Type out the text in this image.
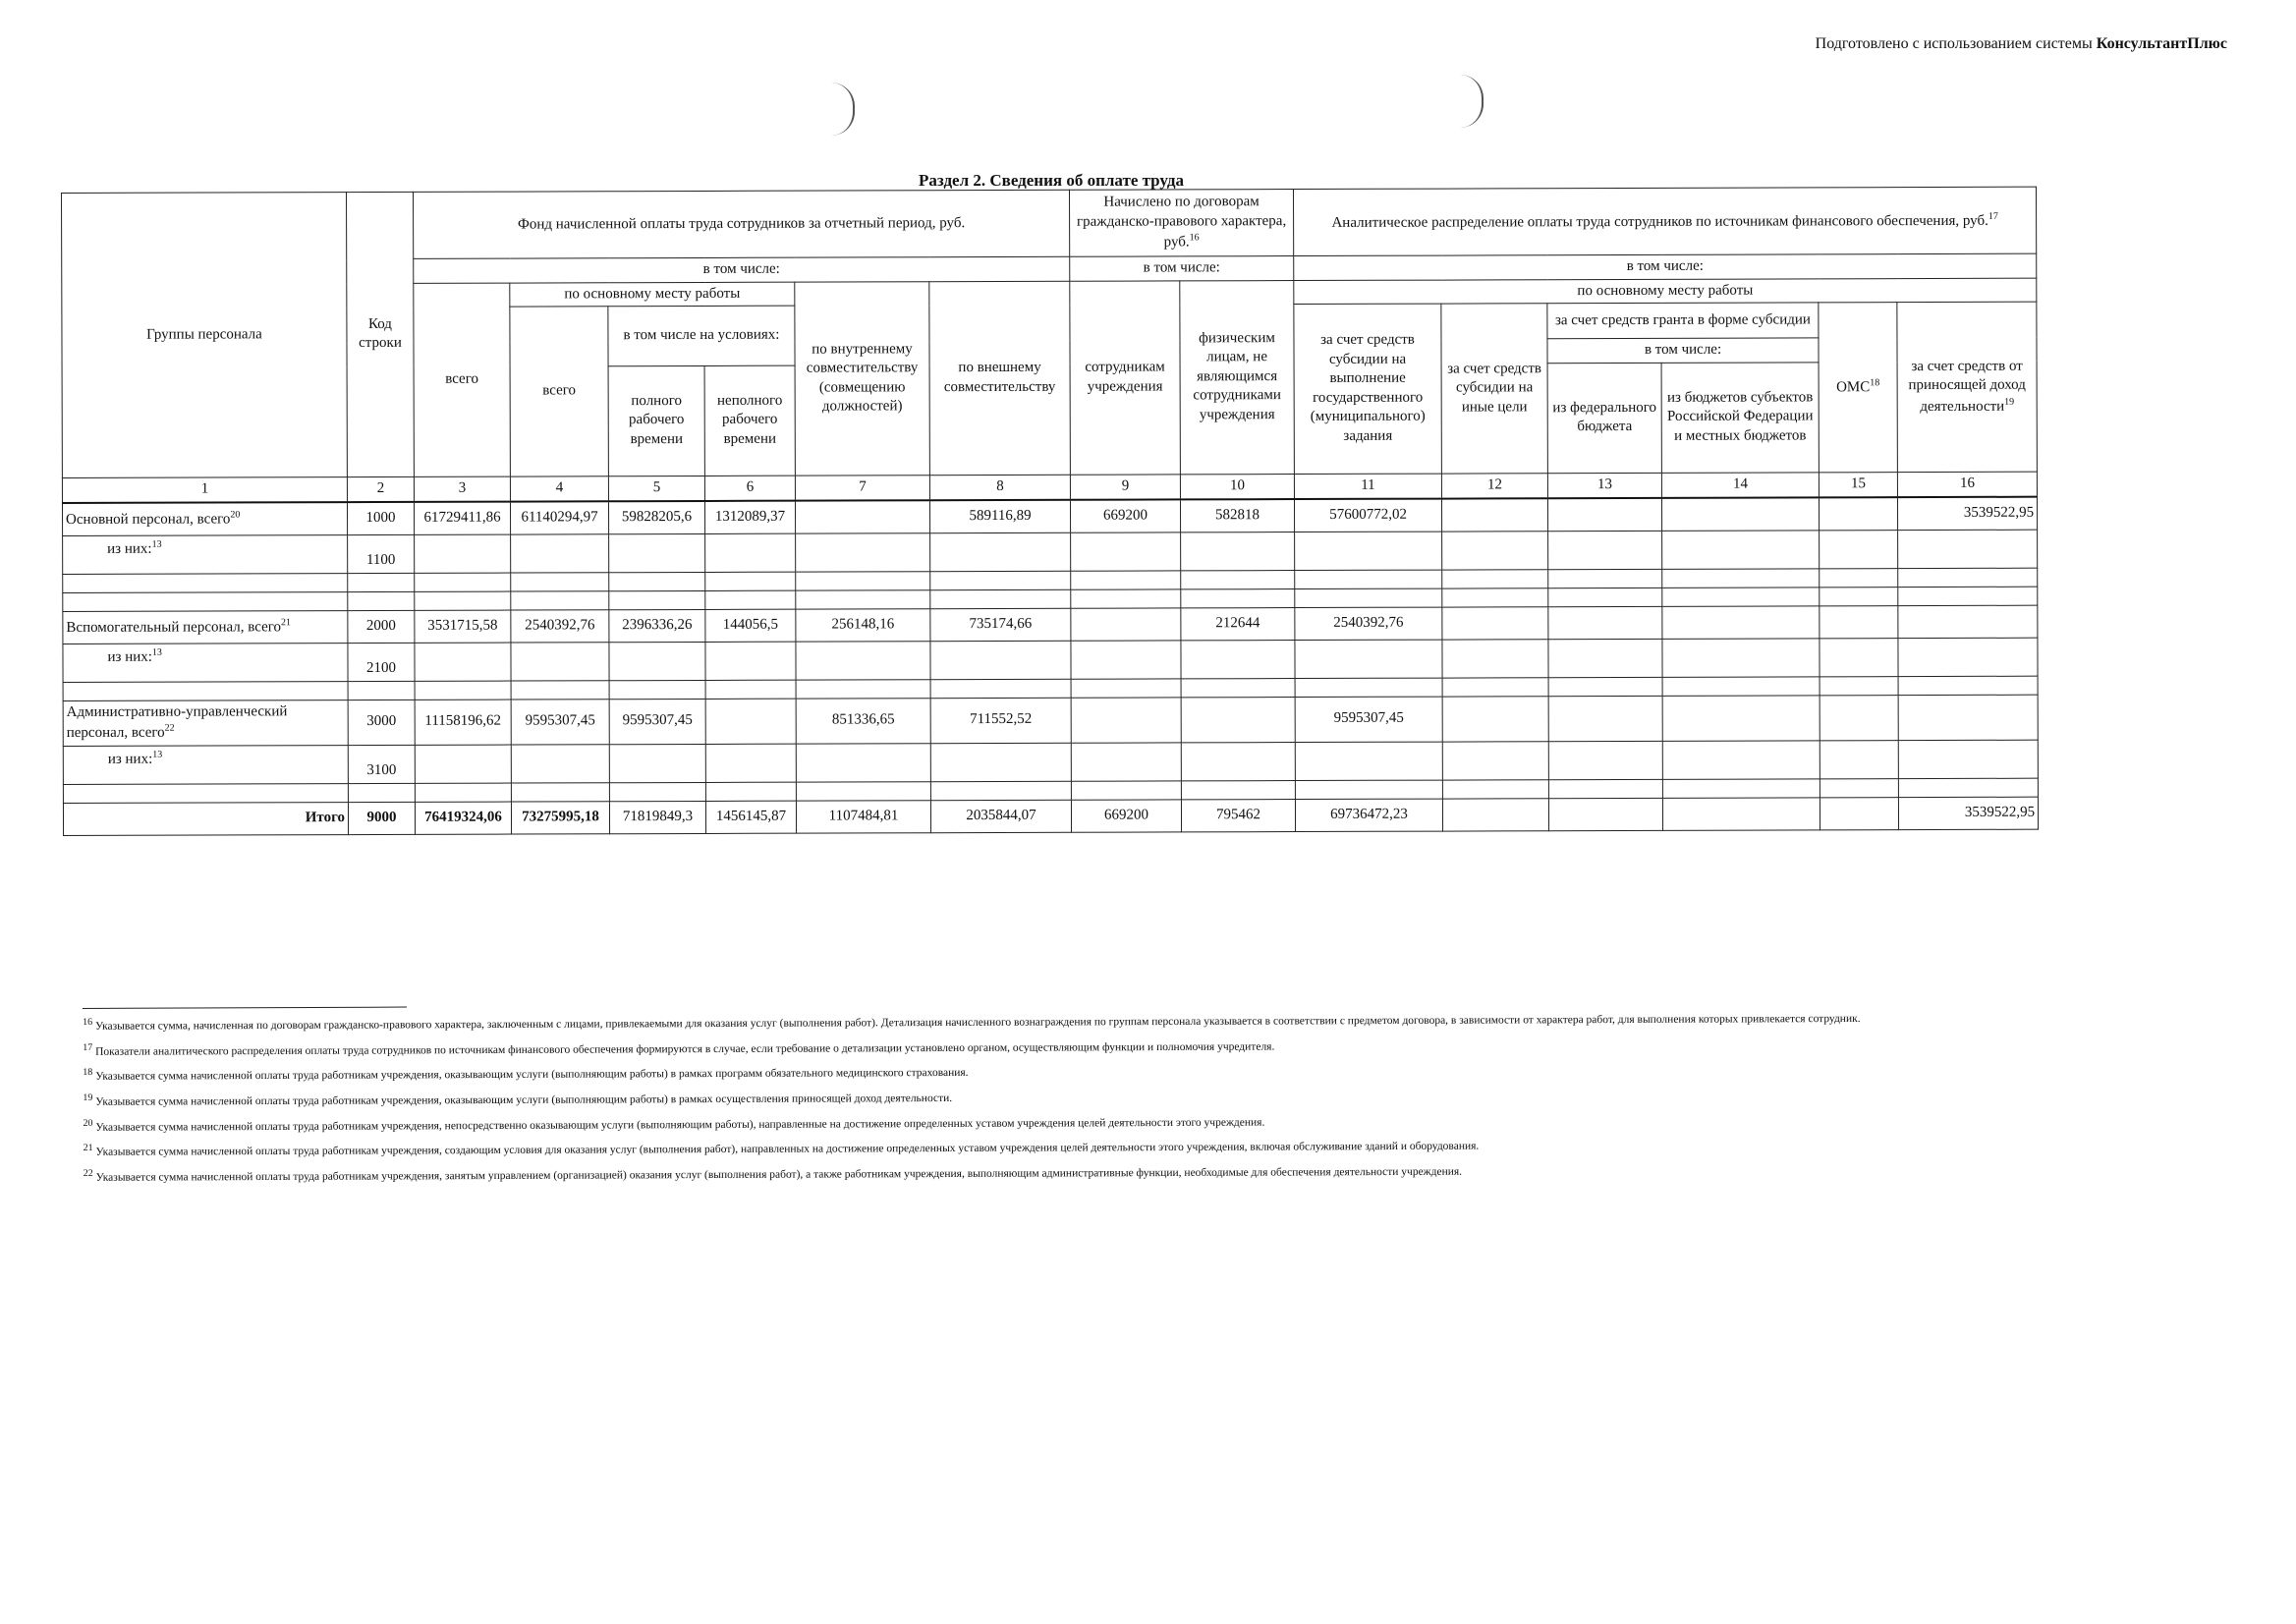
Подготовлено с использованием системы КонсультантПлюс
Раздел 2. Сведения об оплате труда
Группы персонала	Код строки	Фонд начисленной оплаты труда сотрудников за отчетный период, руб.						Начислено по договорам гражданско-правового характера, руб.$^{16}$		Аналитическое распределение оплаты труда сотрудников по источникам финансового обеспечения, руб.$^{17}$
		в том числе:						в том числе:		в том числе:					
		всего	по основному месту работы			по внутреннему совместительству (совмещению должностей)	по внешнему совместительству	сотрудникам учреждения	физическим лицам, не являющимся сотрудниками учреждения	по основному месту работы					
			всего	в том числе на условиях:						за счет средств субсидии на выполнение государственного (муниципального) задания	за счет средств субсидии на иные цели	за счет средств гранта в форме субсидии		ОМС$^{18}$	за счет средств от приносящей доход деятельности$^{19}$
												в том числе:			
				полного рабочего времени	неполного рабочего времени							из федерального бюджета	из бюджетов субъектов Российской Федерации и местных бюджетов		
1	2	3	4	5	6	7	8	9	10	11	12	13	14	15	16
Основной персонал, всего$^{20}$	1000	61729411,86	61140294,97	59828205,6	1312089,37		589116,89	669200	582818	57600772,02					3539522,95
из них:$^{13}$	1100														

Вспомогательный персонал, всего$^{21}$	2000	3531715,58	2540392,76	2396336,26	144056,5	256148,16	735174,66		212644	2540392,76					
из них:$^{13}$	2100														

Административно-управленческий персонал, всего$^{22}$	3000	11158196,62	9595307,45	9595307,45		851336,65	711552,52			9595307,45					
из них:$^{13}$	3100														

Итого	9000	76419324,06	73275995,18	71819849,3	1456145,87	1107484,81	2035844,07	669200	795462	69736472,23					3539522,95

$^{16}$ Указывается сумма, начисленная по договорам гражданско-правового характера, заключенным с лицами, привлекаемыми для оказания услуг (выполнения работ). Детализация начисленного вознаграждения по группам персонала указывается в соответствии с предметом договора, в зависимости от характера работ, для выполнения которых привлекается сотрудник.

$^{17}$ Показатели аналитического распределения оплаты труда сотрудников по источникам финансового обеспечения формируются в случае, если требование о детализации установлено органом, осуществляющим функции и полномочия учредителя.

$^{18}$ Указывается сумма начисленной оплаты труда работникам учреждения, оказывающим услуги (выполняющим работы) в рамках программ обязательного медицинского страхования.

$^{19}$ Указывается сумма начисленной оплаты труда работникам учреждения, оказывающим услуги (выполняющим работы) в рамках осуществления приносящей доход деятельности.

$^{20}$ Указывается сумма начисленной оплаты труда работникам учреждения, непосредственно оказывающим услуги (выполняющим работы), направленные на достижение определенных уставом учреждения целей деятельности этого учреждения.

$^{21}$ Указывается сумма начисленной оплаты труда работникам учреждения, создающим условия для оказания услуг (выполнения работ), направленных на достижение определенных уставом учреждения целей деятельности этого учреждения, включая обслуживание зданий и оборудования.

$^{22}$ Указывается сумма начисленной оплаты труда работникам учреждения, занятым управлением (организацией) оказания услуг (выполнения работ), а также работникам учреждения, выполняющим административные функции, необходимые для обеспечения деятельности учреждения.
